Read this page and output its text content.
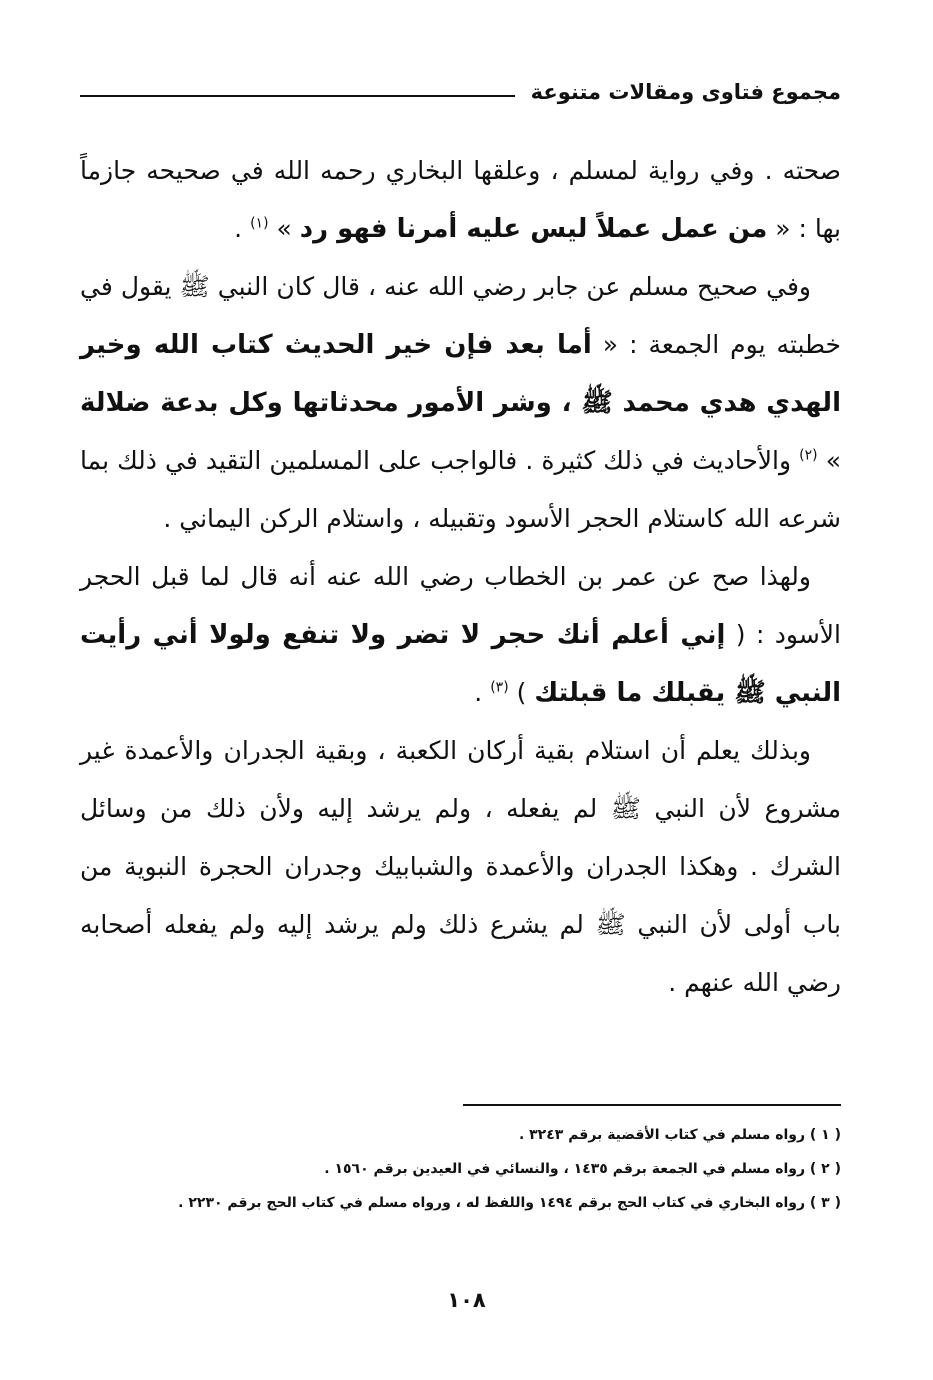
مجموع فتاوى ومقالات متنوعة

صحته . وفي رواية لمسلم ، وعلقها البخاري رحمه الله في صحيحه جازماً بها : « من عمل عملاً ليس عليه أمرنا فهو رد » $^{(١)}$ .

وفي صحيح مسلم عن جابر رضي الله عنه ، قال كان النبي ﷺ يقول في خطبته يوم الجمعة : « أما بعد فإن خير الحديث كتاب الله وخير الهدي هدي محمد ﷺ ، وشر الأمور محدثاتها وكل بدعة ضلالة » $^{(٢)}$ والأحاديث في ذلك كثيرة . فالواجب على المسلمين التقيد في ذلك بما شرعه الله كاستلام الحجر الأسود وتقبيله ، واستلام الركن اليماني .

ولهذا صح عن عمر بن الخطاب رضي الله عنه أنه قال لما قبل الحجر الأسود : ( إني أعلم أنك حجر لا تضر ولا تنفع ولولا أني رأيت النبي ﷺ يقبلك ما قبلتك ) $^{(٣)}$ .

وبذلك يعلم أن استلام بقية أركان الكعبة ، وبقية الجدران والأعمدة غير مشروع لأن النبي ﷺ لم يفعله ، ولم يرشد إليه ولأن ذلك من وسائل الشرك . وهكذا الجدران والأعمدة والشبابيك وجدران الحجرة النبوية من باب أولى لأن النبي ﷺ لم يشرع ذلك ولم يرشد إليه ولم يفعله أصحابه رضي الله عنهم .

( ١ ) رواه مسلم في كتاب الأقضية برقم ٣٢٤٣ .
( ٢ ) رواه مسلم في الجمعة برقم ١٤٣٥ ، والنسائي في العيدين برقم ١٥٦٠ .
( ٣ ) رواه البخاري في كتاب الحج برقم ١٤٩٤ واللفظ له ، ورواه مسلم في كتاب الحج برقم ٢٢٣٠ .
١٠٨
